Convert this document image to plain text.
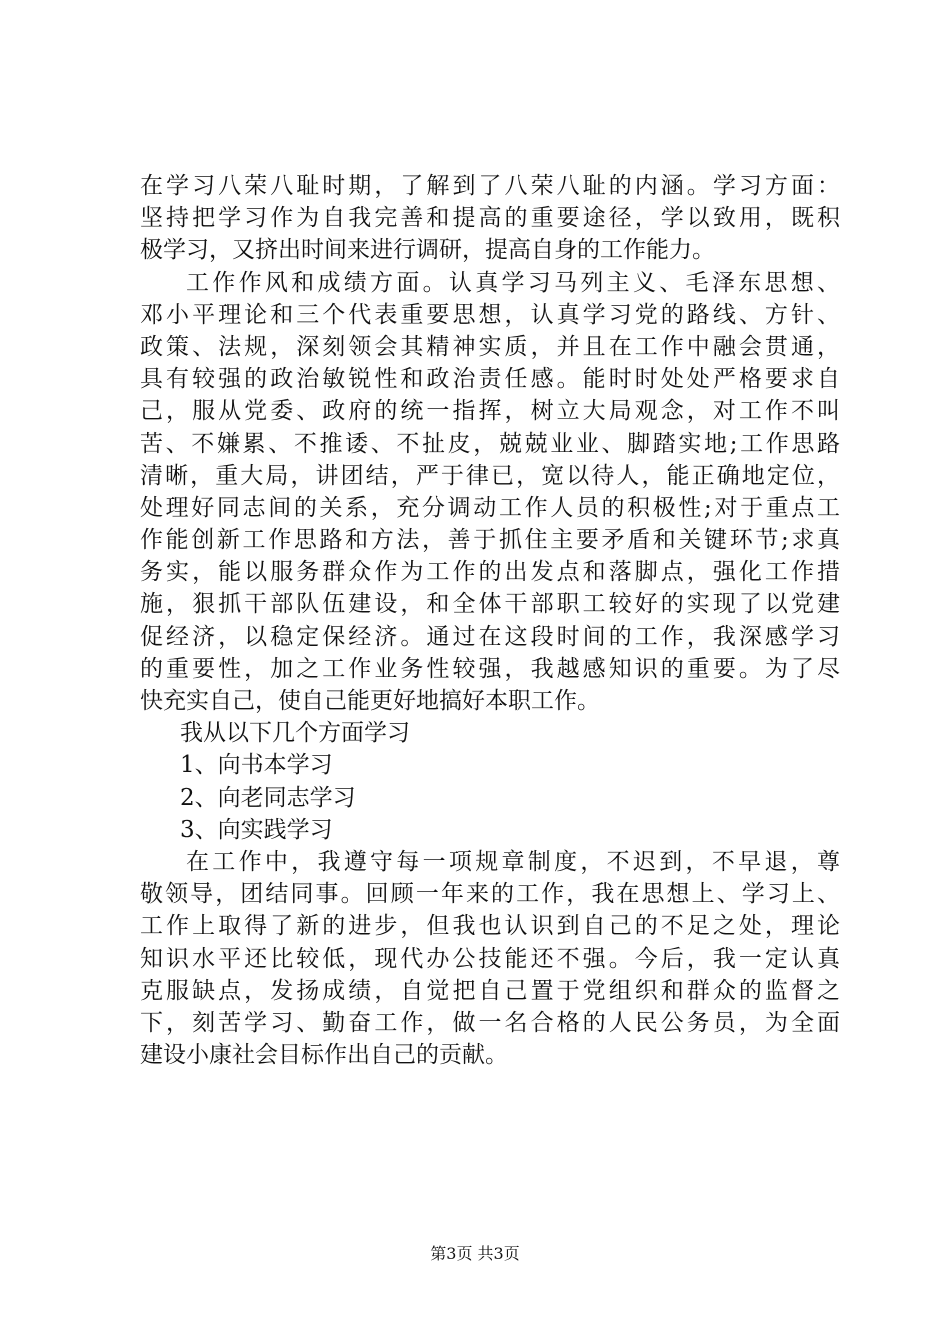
在学习八荣八耻时期，了解到了八荣八耻的内涵。学习方面：
坚持把学习作为自我完善和提高的重要途径，学以致用，既积
极学习，又挤出时间来进行调研，提高自身的工作能力。
工作作风和成绩方面。认真学习马列主义、毛泽东思想、
邓小平理论和三个代表重要思想，认真学习党的路线、方针、
政策、法规，深刻领会其精神实质，并且在工作中融会贯通，
具有较强的政治敏锐性和政治责任感。能时时处处严格要求自
己，服从党委、政府的统一指挥，树立大局观念，对工作不叫
苦、不嫌累、不推诿、不扯皮，兢兢业业、脚踏实地;工作思路
清晰，重大局，讲团结，严于律已，宽以待人，能正确地定位，
处理好同志间的关系，充分调动工作人员的积极性;对于重点工
作能创新工作思路和方法，善于抓住主要矛盾和关键环节;求真
务实，能以服务群众作为工作的出发点和落脚点，强化工作措
施，狠抓干部队伍建设，和全体干部职工较好的实现了以党建
促经济，以稳定保经济。通过在这段时间的工作，我深感学习
的重要性，加之工作业务性较强，我越感知识的重要。为了尽
快充实自己，使自己能更好地搞好本职工作。
我从以下几个方面学习
1、向书本学习
2、向老同志学习
3、向实践学习
在工作中，我遵守每一项规章制度，不迟到，不早退，尊
敬领导，团结同事。回顾一年来的工作，我在思想上、学习上、
工作上取得了新的进步，但我也认识到自己的不足之处，理论
知识水平还比较低，现代办公技能还不强。今后，我一定认真
克服缺点，发扬成绩，自觉把自己置于党组织和群众的监督之
下，刻苦学习、勤奋工作，做一名合格的人民公务员，为全面
建设小康社会目标作出自己的贡献。
第3页 共3页
